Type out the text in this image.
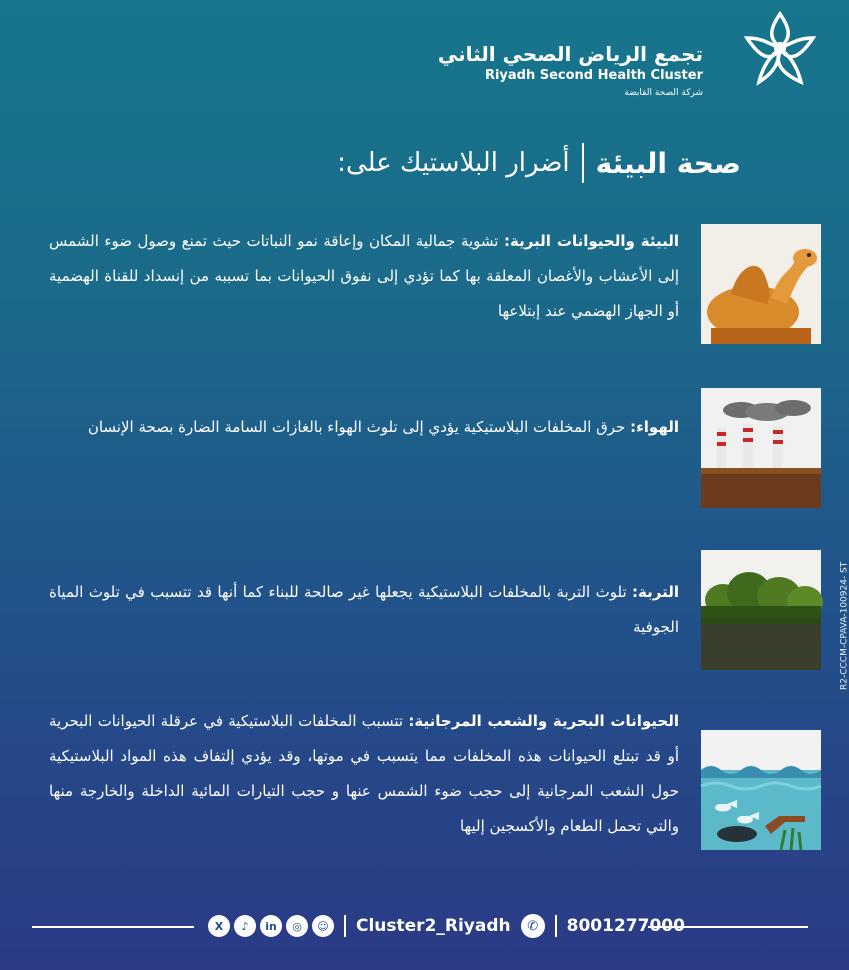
تجمع الرياض الصحي الثاني
Riyadh Second Health Cluster
شركة الصحة القابضة
صحة البيئة
أضرار البلاستيك على:
البيئة والحيوانات البرية: تشوية جمالية المكان وإعاقة نمو النباتات حيث تمنع وصول ضوء الشمس إلى الأعشاب والأغصان المعلقة بها كما تؤدي إلى نفوق الحيوانات بما تسببه من إنسداد للقناة الهضمية أو الجهاز الهضمي عند إبتلاعها
الهواء: حرق المخلفات البلاستيكية يؤدي إلى تلوث الهواء بالغازات السامة الضارة بصحة الإنسان
التربة: تلوث التربة بالمخلفات البلاستيكية يجعلها غير صالحة للبناء كما أنها قد تتسبب في تلوث المياة الجوفية
الحيوانات البحرية والشعب المرجانية: تتسبب المخلفات البلاستيكية في عرقلة الحيوانات البحرية أو قد تبتلع الحيوانات هذه المخلفات مما يتسبب في موتها، وقد يؤدي إلتفاف هذه المواد البلاستيكية حول الشعب المرجانية إلى حجب ضوء الشمس عنها و حجب التيارات المائية الداخلة والخارجة منها والتي تحمل الطعام والأكسجين إليها
R2-CCCM-CPAVA-100924- ST
X	♪	in	◎	☺	Cluster2_Riyadh	✆	8001277000
